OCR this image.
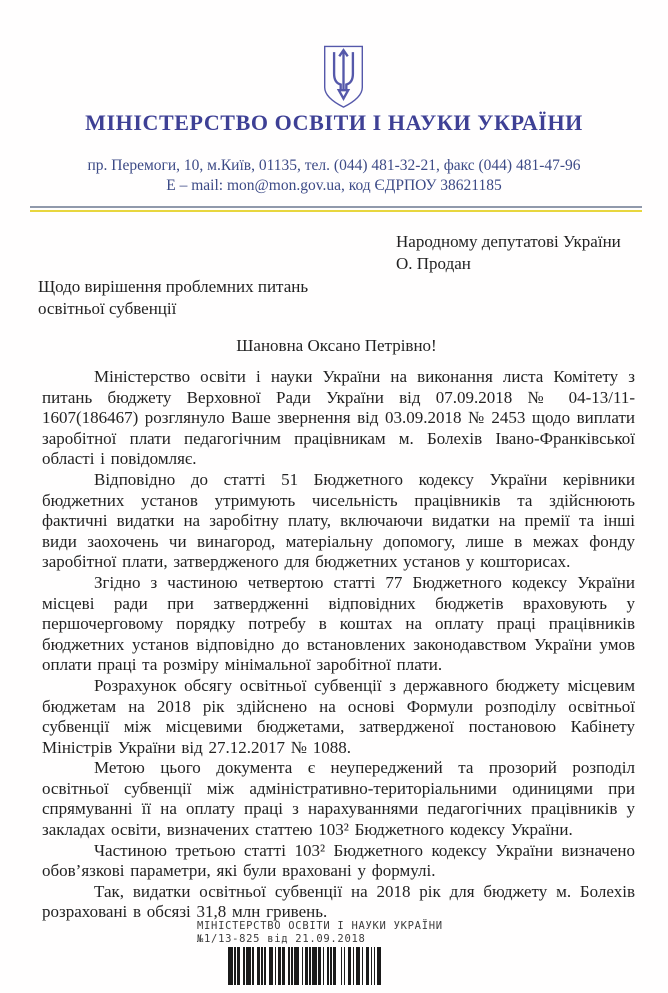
МІНІСТЕРСТВО ОСВІТИ І НАУКИ УКРАЇНИ
пр. Перемоги, 10, м.Київ, 01135, тел. (044) 481-32-21, факс (044) 481-47-96
E – mail: mon@mon.gov.ua, код ЄДРПОУ 38621185
Народному депутатові України
О. Продан
Щодо вирішення проблемних питань
освітньої субвенції
Шановна Оксано Петрівно!

Міністерство освіти і науки України на виконання листа Комітету з питань бюджету Верховної Ради України від 07.09.2018 № 04-13/11-1607(186467) розглянуло Ваше звернення від 03.09.2018 № 2453 щодо виплати заробітної плати педагогічним працівникам м. Болехів Івано-Франківської області і повідомляє.

Відповідно до статті 51 Бюджетного кодексу України керівники бюджетних установ утримують чисельність працівників та здійснюють фактичні видатки на заробітну плату, включаючи видатки на премії та інші види заохочень чи винагород, матеріальну допомогу, лише в межах фонду заробітної плати, затвердженого для бюджетних установ у кошторисах.

Згідно з частиною четвертою статті 77 Бюджетного кодексу України місцеві ради при затвердженні відповідних бюджетів враховують у першочерговому порядку потребу в коштах на оплату праці працівників бюджетних установ відповідно до встановлених законодавством України умов оплати праці та розміру мінімальної заробітної плати.

Розрахунок обсягу освітньої субвенції з державного бюджету місцевим бюджетам на 2018 рік здійснено на основі Формули розподілу освітньої субвенції між місцевими бюджетами, затвердженої постановою Кабінету Міністрів України від 27.12.2017 № 1088.

Метою цього документа є неупереджений та прозорий розподіл освітньої субвенції між адміністративно-територіальними одиницями при спрямуванні її на оплату праці з нарахуваннями педагогічних працівників у закладах освіти, визначених статтею 103² Бюджетного кодексу України.

Частиною третьою статті 103² Бюджетного кодексу України визначено обов’язкові параметри, які були враховані у формулі.

Так, видатки освітньої субвенції на 2018 рік для бюджету м. Болехів розраховані в обсязі 31,8 млн гривень.

МІНІСТЕРСТВО ОСВІТИ І НАУКИ УКРАЇНИ
№1/13-825 від 21.09.2018
